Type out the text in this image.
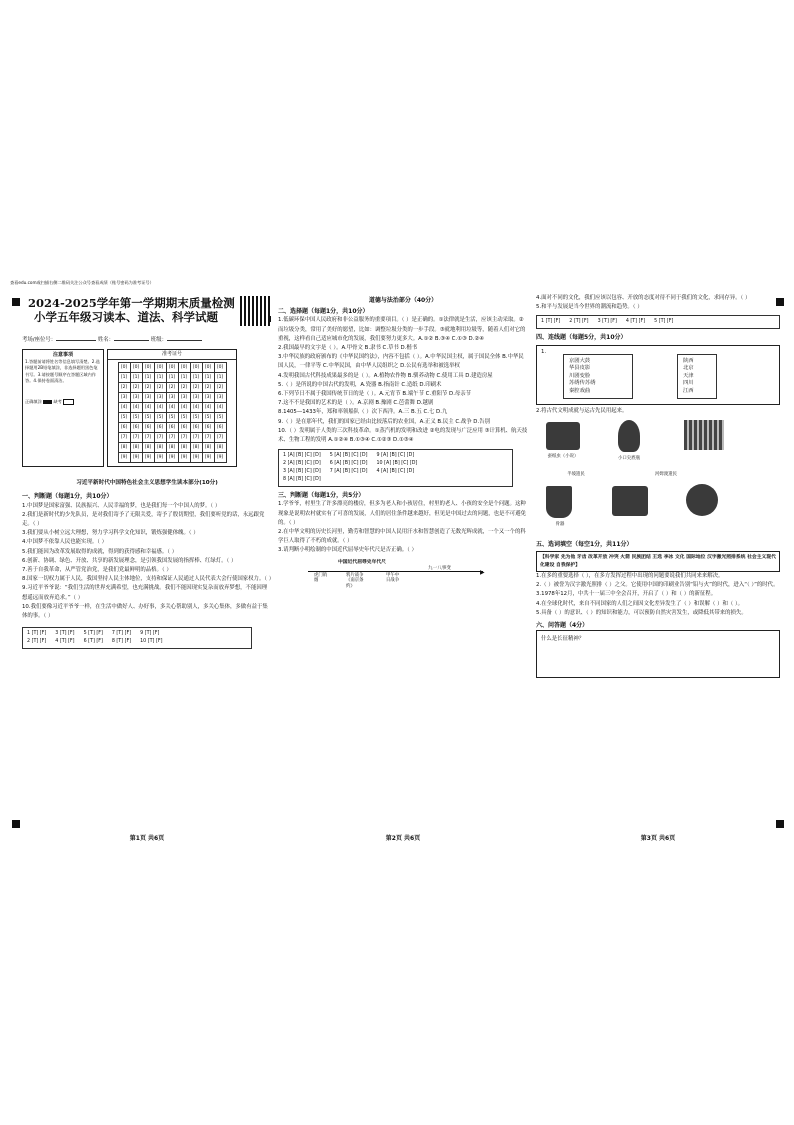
查看edu.com或扫描右侧二维码关注公众号查看成绩（账号密码为准考证号）
2024-2025学年第一学期期末质量检测
小学五年级习读本、道法、科学试题
考场/座位号：	姓名：	班级：
注意事项
1.答题前请将姓名等信息填写清楚。2.选择题用2B铅笔填涂，非选择题用黑色笔书写。3.请按题号顺序在答题区域内作答。4.保持卷面清洁。
正确填涂	缺考
准考证号
[0]	[0]	[0]	[0]	[0]	[0]	[0]	[0]	[0]
[1]	[1]	[1]	[1]	[1]	[1]	[1]	[1]	[1]
[2]	[2]	[2]	[2]	[2]	[2]	[2]	[2]	[2]
[3]	[3]	[3]	[3]	[3]	[3]	[3]	[3]	[3]
[4]	[4]	[4]	[4]	[4]	[4]	[4]	[4]	[4]
[5]	[5]	[5]	[5]	[5]	[5]	[5]	[5]	[5]
[6]	[6]	[6]	[6]	[6]	[6]	[6]	[6]	[6]
[7]	[7]	[7]	[7]	[7]	[7]	[7]	[7]	[7]
[8]	[8]	[8]	[8]	[8]	[8]	[8]	[8]	[8]
[9]	[9]	[9]	[9]	[9]	[9]	[9]	[9]	[9]
习近平新时代中国特色社会主义思想学生读本部分(10分)
一、判断题（每题1分，共10分）

1.中国梦是国家富强、民族振兴、人民幸福的梦，也是我们每一个中国人的梦。（ ）

2.我们是新时代的少先队员，是对我们寄予了无限关爱，寄予了殷切期望，我们要听党的话，永远跟党走。（ ）

3.我们要从小树立远大理想，努力学习科学文化知识，锻炼强健体魄。（ ）

4.中国梦不依靠人民也能实现。（ ）

5.我们能因为改革发展取得的成就，得到的获得感和幸福感。（ ）

6.创新、协调、绿色、开放、共享的新发展理念，是引领我国发展的指挥棒、红绿灯。（ ）

7.善于自我革命，从严管党治党，是我们党最鲜明的品格。（ ）

8.国家一切权力属于人民，我国坚持人民主体地位，支持和保证人民通过人民代表大会行使国家权力。（ ）

9.习近平爷爷说：“我们生活的世界充满希望，也充满挑战。我们不能因现实复杂而放弃梦想，不能因理想遥远而放弃追求。”（ ）

10.我们要像习近平爷爷一样，在生活中做好人、办好事，多关心帮助别人，多关心集体，多做有益于集体的事。（ ）

1 [T] [F] 3 [T] [F] 5 [T] [F] 7 [T] [F] 9 [T] [F]
2 [T] [F] 4 [T] [F] 6 [T] [F] 8 [T] [F] 10 [T] [F]
第1页 共6页
道德与法治部分（40分）
二、选择题（每题1分，共10分）

1.低碳环保中国人民政府和非公益服务的重要项目。（ ）是正确的。①法律就是生活，应该主动采取。②而垃圾分类，常用了美好的愿望，比如：调整垃圾分类的一步手段。③就地利用垃圾等，随着人们对它的重视，这样看自己适应城市化的发展，我们要努力更多大。A.①② B.③④ C.①③ D.②④

2.我国最早的文字是（ ）。A.甲骨文 B.隶书 C.草书 D.楷书

3.中华民族的政府颁布的《中华民国约法》，内容不包括（ ）。A.中华民国主权，属于国民全体 B.中华民国人民，一律平等 C.中华民国，由中华人民组织之 D.公民有选举和被选举权

4.发明我国古代科技成果最多的是（ ）。A.植物农作物 B.驯养动物 C.使用工具 D.建造房屋

5.（ ）是所说的中国古代的发明，A.瓷器 B.指南针 C.造纸 D.印刷术

6.下列节日不属于我国传统节日的是（ ）。A.元宵节 B.端午节 C.重阳节 D.母亲节

7.这不不是我国的艺术的是（ ）。A.京剧 B.豫剧 C.芭蕾舞 D.越剧

8.1405—1433年，郑和率领船队（ ）次下西洋。A.三 B.五 C.七 D.九

9.（ ）是在那年代，我们的国家已经由比较落后的农业国，A.正义 B.民主 C.战争 D.告别

10.（ ）发明属于人类的三次科技革命。①蒸汽机的发明和改进 ②电的发现与广泛应用 ③计算机、航天技术、生物工程的发明 A.①②④ B.①③④ C.①②③ D.①③④

1 [A] [B] [C] [D] 5 [A] [B] [C] [D] 9 [A] [B] [C] [D]
2 [A] [B] [C] [D] 6 [A] [B] [C] [D] 10 [A] [B] [C] [D]
3 [A] [B] [C] [D] 7 [A] [B] [C] [D] 4 [A] [B] [C] [D]
8 [A] [B] [C] [D]
三、判断题（每题1分，共5分）

1.学爷爷，村里生了许多漂亮的楼房，但多为老人和小孩居住，村里的老人、小孩的安全是个问题。这种现象是说明农村就实有了可喜的发展，人们的居住条件越来越好，但见是中国过去的问题，也是不可避免的。（ ）

2.在中华文明的历史长河里，勤劳和智慧的中国人民用汗水和智慧创造了无数光辉成就，一个又一个的科学巨人取得了不朽的成就。（ ）

3.请判断小明绘制的中国近代屈辱史年代尺是否正确。（ ）

中国近代屈辱史年代尺
九一八事变
▶
虎门销烟
鸦片战争《南京条约》
甲午中日战争
第2页 共6页

4.面对不同的文化，我们应该以包容、开放的态度对待不同于我们的文化，求同存异。（ ）

5.和平与发展是当今世界的潮流和趋势。（ ）

1 [T] [F] 2 [T] [F] 3 [T] [F] 4 [T] [F] 5 [T] [F]
四、连线题（每题5分，共10分）
1.
京剧大鼓
华县皮影
川剧变脸
苏绣传苏绣
秦腔戏曲
陕西
北京
天津
四川
江西

2.将古代文明成就与运古先民用起来。

蚕纸虫（小说）	小口尖底瓶
半坡遗民	河姆渡遗民
骨器
五、选词填空（每空1分，共11分）
【科学家 先为他 牙齿 改革开放 冲突 火箭 民族团结 王选 李冰 文化 国际地位 汉字激光照排系统 社会主义现代化建设 自我保护】

1.在多的重要选择（ ），在多方发挥过程中出现的问题要说我们共同来来解决。

2.（ ）被誉为汉字激光照排（ ）之父。它使用中国的印刷业告别“铅与火”的时代，进入“（ ）”的时代。

3.1978年12月，中共十一届三中全会召开，开启了（ ）和（ ）的新征程。

4.在全球化时代，来自不同国家的人们之间因文化差异发生了（ ）和误解（ ）和（ ）。

5.具备（ ）的意识、（ ）的知识和能力，可以预防自然灾害发生，或降低其带来的损失。

六、问答题（4分）
什么是长征精神？
第3页 共6页
